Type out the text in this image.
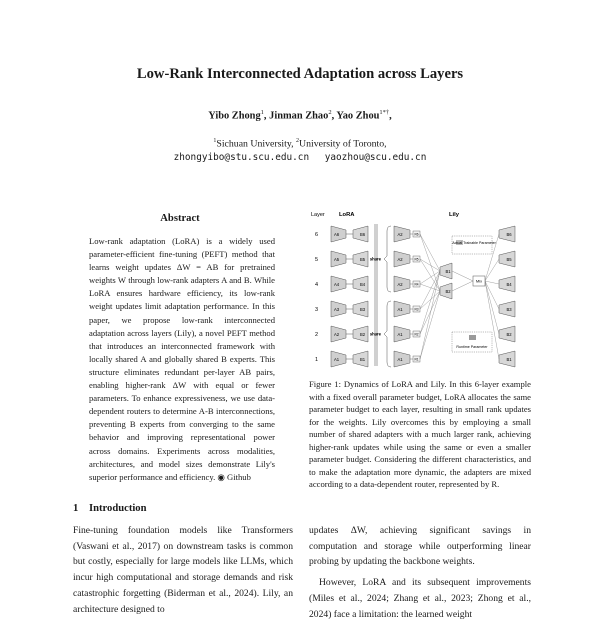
Low-Rank Interconnected Adaptation across Layers
Yibo Zhong$^1$, Jinman Zhao$^2$, Yao Zhou$^{1*\dagger}$,
$^1$Sichuan University, $^2$University of Toronto,
zhongyibo@stu.scu.edu.cn yaozhou@scu.edu.cn
Abstract
Low-rank adaptation (LoRA) is a widely used parameter-efficient fine-tuning (PEFT) method that learns weight updates ΔW = AB for pretrained weights W through low-rank adapters A and B. While LoRA ensures hardware efficiency, its low-rank weight updates limit adaptation performance. In this paper, we propose low-rank interconnected adaptation across layers (Lily), a novel PEFT method that introduces an interconnected framework with locally shared A and globally shared B experts. This structure eliminates redundant per-layer AB pairs, enabling higher-rank ΔW with equal or fewer parameters. To enhance expressiveness, we use data-dependent routers to determine A-B interconnections, preventing B experts from converging to the same behavior and improving representational power across domains. Experiments across modalities, architectures, and model sizes demonstrate Lily's superior performance and efficiency. ◉ Github
1 Introduction
Fine-tuning foundation models like Transformers (Vaswani et al., 2017) on downstream tasks is common but costly, especially for large models like LLMs, which incur high computational and storage demands and risk catastrophic forgetting (Biderman et al., 2024). Lily, an architecture designed to
Layer LoRA	Lily
6	A6	B6	A2	R6	B6
5	A5	B5	A2	R5	B5
4	A4	B4	A2	R4	B4
3	A3	B3	A1	R3	B3
2	A2	B2	A1	R2	B2
1	A1	B1	A1	R1	B1
share
share
B1
B2
Mix
Actual Trainable Parameter
Runtime Parameter
Figure 1: Dynamics of LoRA and Lily. In this 6-layer example with a fixed overall parameter budget, LoRA allocates the same parameter budget to each layer, resulting in small rank updates for the weights. Lily overcomes this by employing a small number of shared adapters with a much larger rank, achieving higher-rank updates while using the same or even a smaller parameter budget. Considering the different characteristics, and to make the adaptation more dynamic, the adapters are mixed according to a data-dependent router, represented by R.

updates ΔW, achieving significant savings in computation and storage while outperforming linear probing by updating the backbone weights.

However, LoRA and its subsequent improvements (Miles et al., 2024; Zhang et al., 2023; Zhong et al., 2024) face a limitation: the learned weight
